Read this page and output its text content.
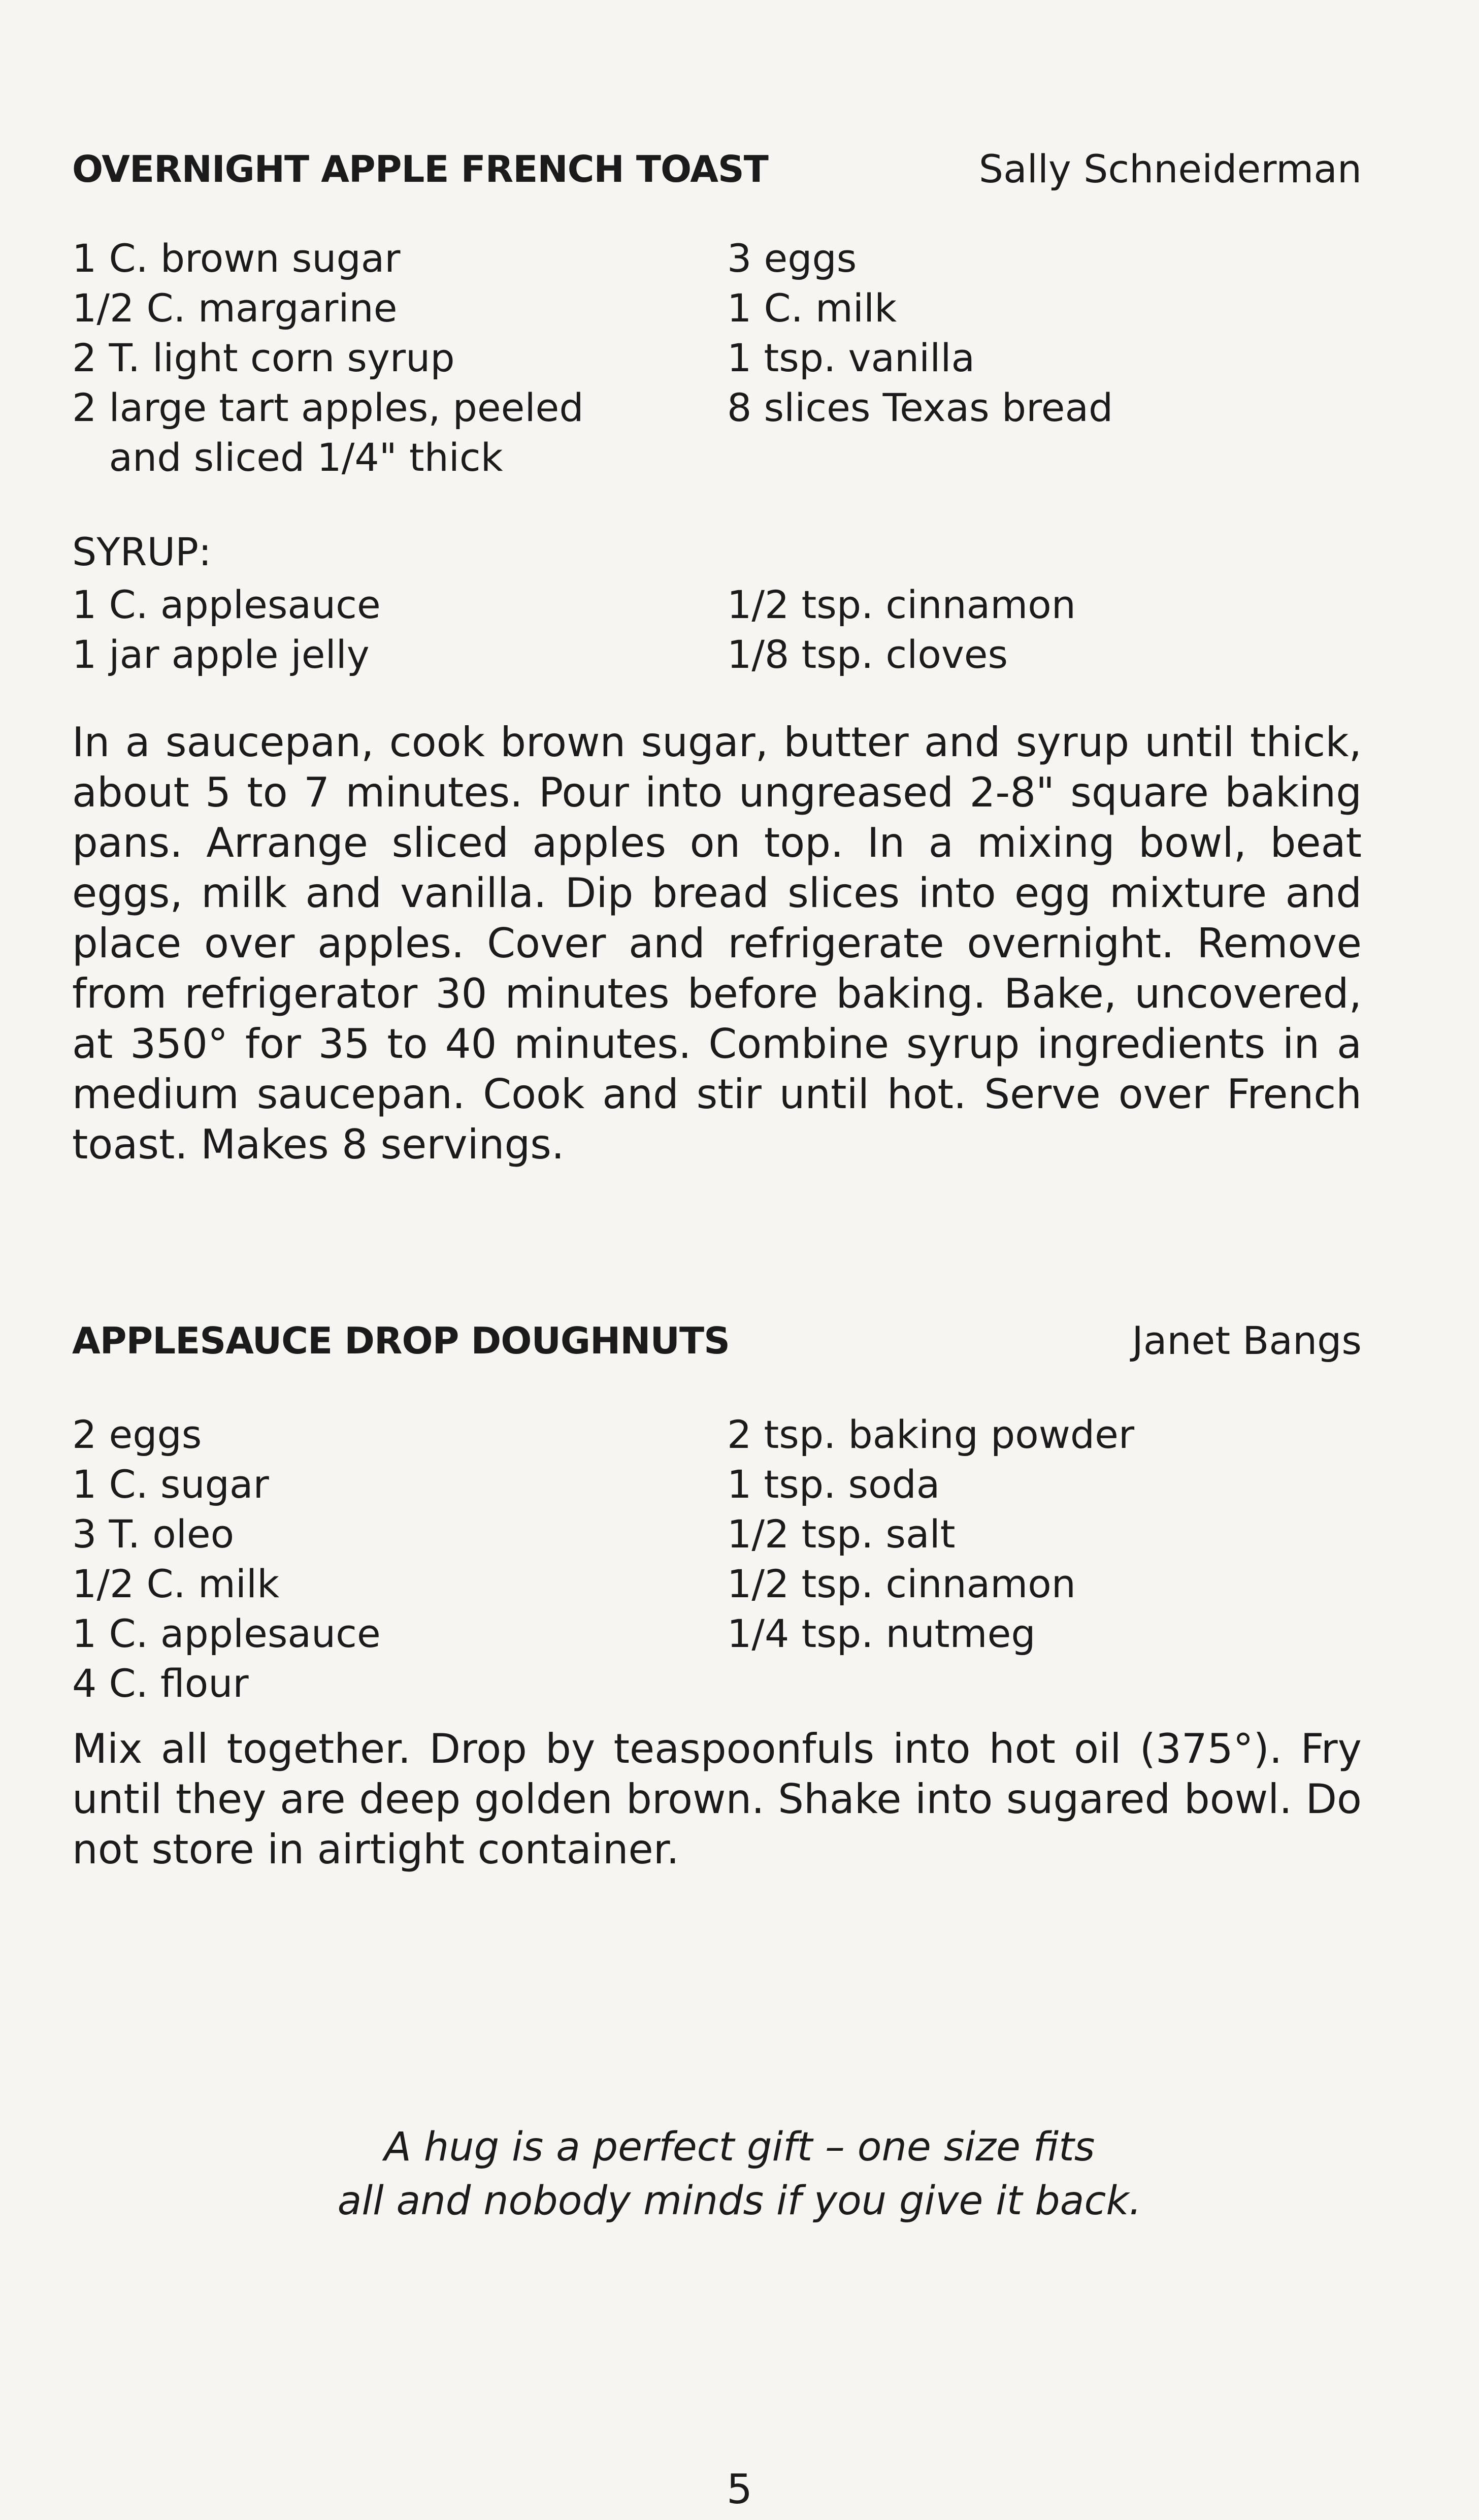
OVERNIGHT APPLE FRENCH TOAST	Sally Schneiderman
1 C. brown sugar	3 eggs
1/2 C. margarine	1 C. milk
2 T. light corn syrup	1 tsp. vanilla
2 large tart apples, peeled	8 slices Texas bread
and sliced 1/4" thick
SYRUP:
1 C. applesauce	1/2 tsp. cinnamon
1 jar apple jelly	1/8 tsp. cloves
In a saucepan, cook brown sugar, butter and syrup until thick, about 5 to 7 minutes. Pour into ungreased 2-8" square baking pans. Arrange sliced apples on top. In a mixing bowl, beat eggs, milk and vanilla. Dip bread slices into egg mixture and place over apples. Cover and refrigerate overnight. Remove from refrigerator 30 minutes before baking. Bake, uncovered, at 350° for 35 to 40 minutes. Combine syrup ingredients in a medium saucepan. Cook and stir until hot. Serve over French toast. Makes 8 servings.
APPLESAUCE DROP DOUGHNUTS	Janet Bangs
2 eggs	2 tsp. baking powder
1 C. sugar	1 tsp. soda
3 T. oleo	1/2 tsp. salt
1/2 C. milk	1/2 tsp. cinnamon
1 C. applesauce	1/4 tsp. nutmeg
4 C. flour
Mix all together. Drop by teaspoonfuls into hot oil (375°). Fry until they are deep golden brown. Shake into sugared bowl. Do not store in airtight container.
A hug is a perfect gift – one size fits
all and nobody minds if you give it back.
5
